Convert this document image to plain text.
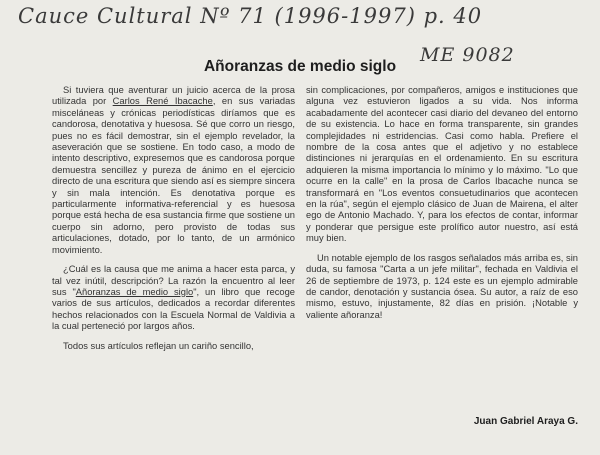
Cauce Cultural Nº 71 (1996-1997) p. 40
ME 9082
Añoranzas de medio siglo

Si tuviera que aventurar un juicio acerca de la prosa utilizada por Carlos René Ibacache, en sus variadas misceláneas y crónicas periodísticas diríamos que es candorosa, denotativa y huesosa. Sé que corro un riesgo, pues no es fácil demostrar, sin el ejemplo revelador, la aseveración que se sostiene. En todo caso, a modo de intento descriptivo, expresemos que es candorosa porque demuestra sencillez y pureza de ánimo en el ejercicio directo de una escritura que siendo así es siempre sincera y sin mala intención. Es denotativa porque es particularmente informativa-referencial y es huesosa porque está hecha de esa sustancia firme que sostiene un cuerpo sin adorno, pero provisto de todas sus articulaciones, dotado, por lo tanto, de un armónico movimiento.

¿Cuál es la causa que me anima a hacer esta parca, y tal vez inútil, descripción? La razón la encuentro al leer sus "Añoranzas de medio siglo", un libro que recoge varios de sus artículos, dedicados a recordar diferentes hechos relacionados con la Escuela Normal de Valdivia a la cual perteneció por largos años.

Todos sus artículos reflejan un cariño sencillo,

sin complicaciones, por compañeros, amigos e instituciones que alguna vez estuvieron ligados a su vida. Nos informa acabadamente del acontecer casi diario del devaneo del entorno de su existencia. Lo hace en forma transparente, sin grandes complejidades ni estridencias. Casi como habla. Prefiere el nombre de la cosa antes que el adjetivo y no establece distinciones ni jerarquías en el ordenamiento. En su escritura adquieren la misma importancia lo mínimo y lo máximo. "Lo que ocurre en la calle" en la prosa de Carlos Ibacache nunca se transformará en "Los eventos consuetudinarios que acontecen en la rúa", según el ejemplo clásico de Juan de Mairena, el alter ego de Antonio Machado. Y, para los efectos de contar, informar y ponderar que persigue este prolífico autor nuestro, así está muy bien.

Un notable ejemplo de los rasgos señalados más arriba es, sin duda, su famosa "Carta a un jefe militar", fechada en Valdivia el 26 de septiembre de 1973, p. 124 este es un ejemplo admirable de candor, denotación y sustancia ósea. Su autor, a raíz de eso mismo, estuvo, injustamente, 82 días en prisión. ¡Notable y valiente añoranza!

Juan Gabriel Araya G.
